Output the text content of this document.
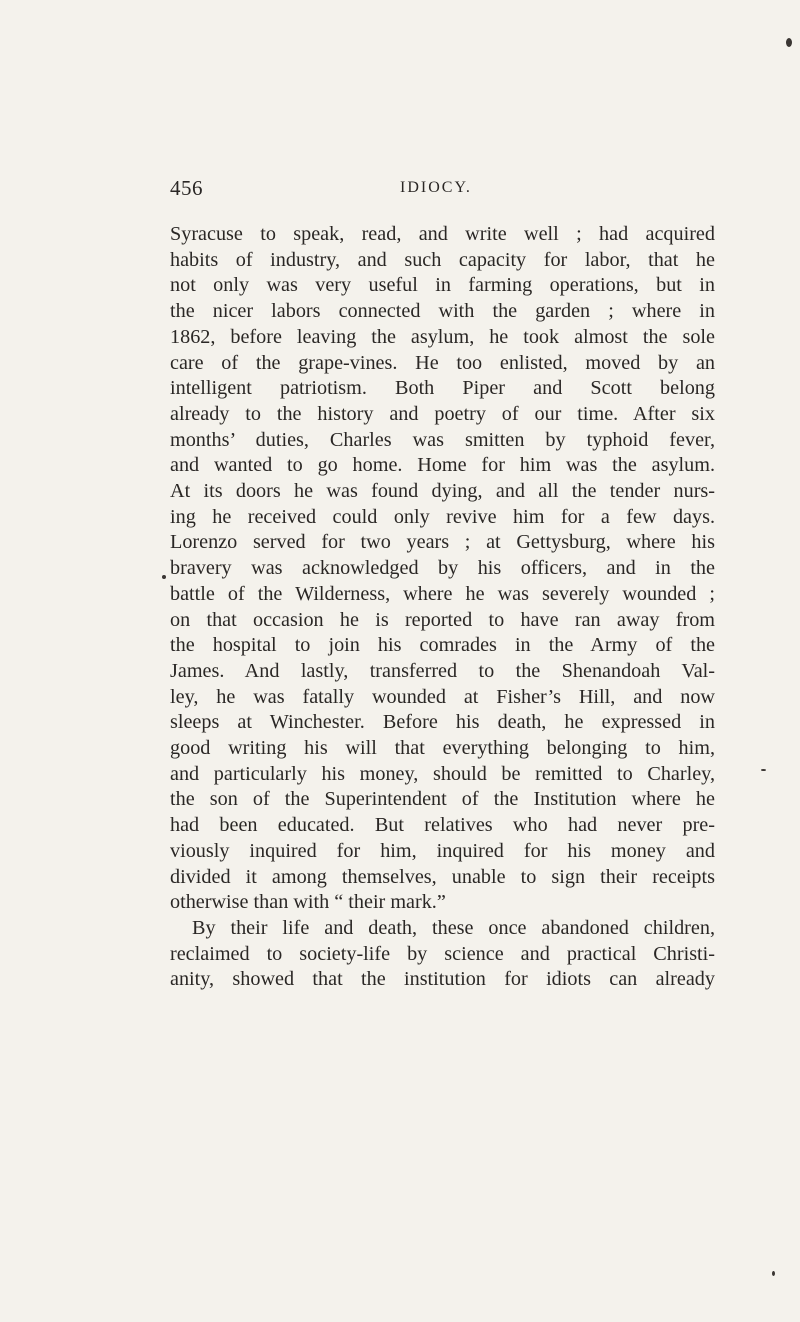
456	IDIOCY.
Syracuse to speak, read, and write well ; had acquired
habits of industry, and such capacity for labor, that he
not only was very useful in farming operations, but in
the nicer labors connected with the garden ; where in
1862, before leaving the asylum, he took almost the sole
care of the grape-vines. He too enlisted, moved by an
intelligent patriotism. Both Piper and Scott belong
already to the history and poetry of our time. After six
months’ duties, Charles was smitten by typhoid fever,
and wanted to go home. Home for him was the asylum.
At its doors he was found dying, and all the tender nurs-
ing he received could only revive him for a few days.
Lorenzo served for two years ; at Gettysburg, where his
bravery was acknowledged by his officers, and in the
battle of the Wilderness, where he was severely wounded ;
on that occasion he is reported to have ran away from
the hospital to join his comrades in the Army of the
James. And lastly, transferred to the Shenandoah Val-
ley, he was fatally wounded at Fisher’s Hill, and now
sleeps at Winchester. Before his death, he expressed in
good writing his will that everything belonging to him,
and particularly his money, should be remitted to Charley,
the son of the Superintendent of the Institution where he
had been educated. But relatives who had never pre-
viously inquired for him, inquired for his money and
divided it among themselves, unable to sign their receipts
otherwise than with “ their mark.”
By their life and death, these once abandoned children,
reclaimed to society-life by science and practical Christi-
anity, showed that the institution for idiots can already
